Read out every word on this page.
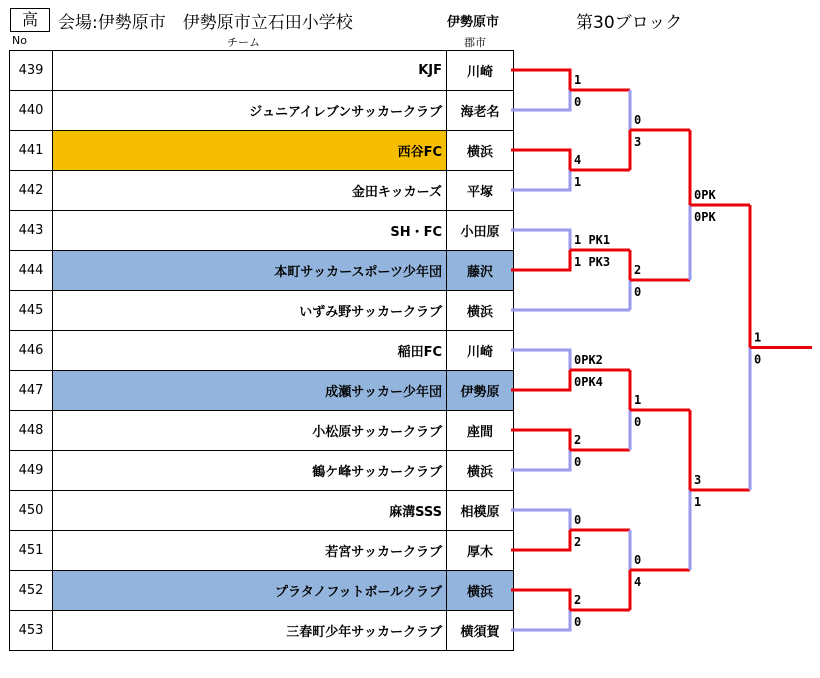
高	会場:伊勢原市　伊勢原市立石田小学校	伊勢原市	第30ブロック
No	チーム	郡市
439	KJF	川崎
440	ジュニアイレブンサッカークラブ	海老名
441	西谷FC	横浜
442	金田キッカーズ	平塚
443	SH・FC	小田原
444	本町サッカースポーツ少年団	藤沢
445	いずみ野サッカークラブ	横浜
446	稲田FC	川崎
447	成瀬サッカー少年団	伊勢原
448	小松原サッカークラブ	座間
449	鶴ケ峰サッカークラブ	横浜
450	麻溝SSS	相模原
451	若宮サッカークラブ	厚木
452	プラタノフットボールクラブ	横浜
453	三春町少年サッカークラブ	横須賀
1
0
4
1
1 PK1
1 PK3
0PK2
0PK4
2
0
0
2
2
0
0
3
2
0
1
0
0
4
0PK
0PK
3
1
1
0
